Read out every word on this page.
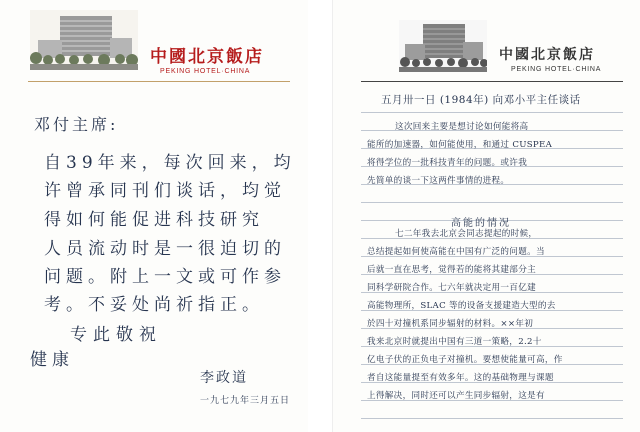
中國北京飯店
PEKING HOTEL·CHINA
邓付主席:
自39年来，每次回来，均
许曾承同刊们谈话，均觉
得如何能促进科技研究
人员流动时是一很迫切的
问题。附上一文或可作参
考。不妥处尚祈指正。
专此敬祝
健康
李政道
一九七九年三月五日
中國北京飯店
PEKING HOTEL·CHINA
五月卅一日 (1984年) 向邓小平主任谈话
这次回来主要是想讨论如何能将高
能所的加速器，如何能使用，和通过 CUSPEA
将得学位的一批科技青年的问题。或许我
先简单的谈一下这两件事情的进程。
高能的情况
七二年我去北京会同志提起的时候，
总结提起如何使高能在中国有广泛的问题。当
后就一直在思考，觉得若的能将其建部分主
同科学研院合作。七六年就决定用一百亿建
高能物理所，SLAC 等的设备支援建造大型的去
於四十对撞机系同步辐射的材料。××年初
我来北京时就提出中国有三道一策略，2.2十
亿电子伏的正负电子对撞机。要想使能量可高，作
者自这能量提至有效多年。这的基础物理与课题
上得解决，同时还可以产生同步辐射，这是有
